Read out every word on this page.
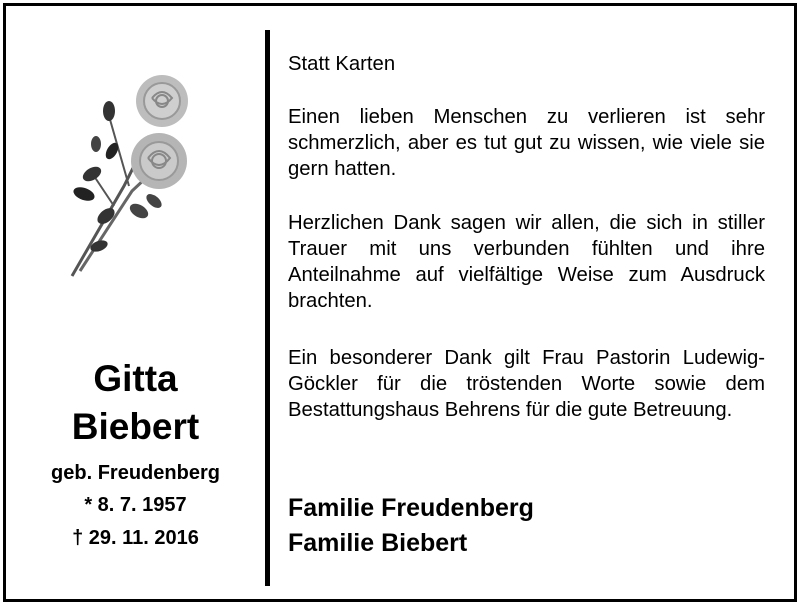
Gitta
Biebert
geb. Freudenberg
* 8. 7. 1957
† 29. 11. 2016
Statt Karten
Einen lieben Menschen zu verlieren ist sehr schmerzlich, aber es tut gut zu wissen, wie viele sie gern hatten.
Herzlichen Dank sagen wir allen, die sich in stiller Trauer mit uns verbunden fühlten und ihre Anteilnahme auf vielfältige Weise zum Ausdruck brachten.
Ein besonderer Dank gilt Frau Pastorin Ludewig-Göckler für die tröstenden Worte sowie dem Bestattungshaus Behrens für die gute Betreuung.
Familie Freudenberg
Familie Biebert
